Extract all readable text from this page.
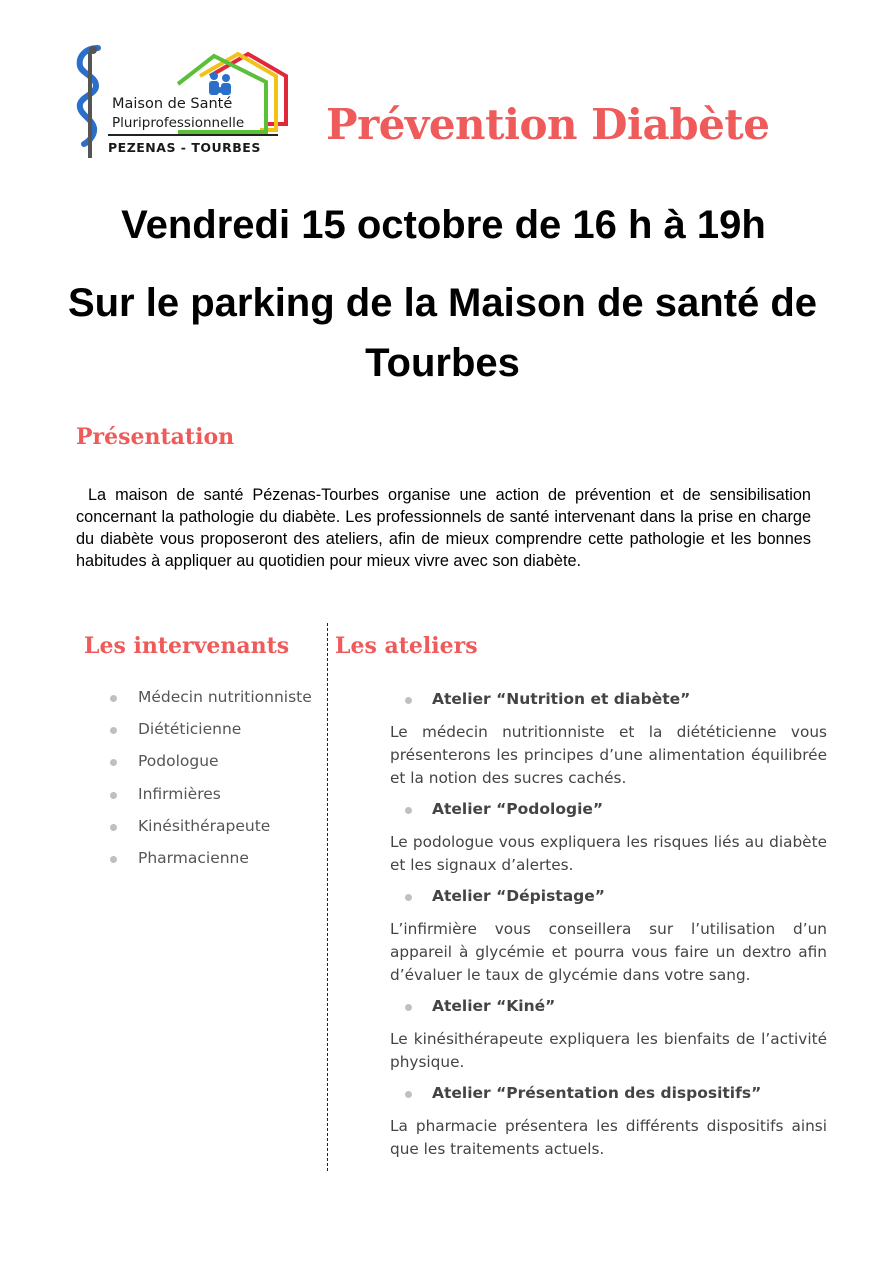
Maison de Santé
Pluriprofessionnelle
PEZENAS - TOURBES Prévention Diabète
Vendredi 15 octobre de 16 h à 19h
Sur le parking de la Maison de santé de Tourbes
Présentation

La maison de santé Pézenas-Tourbes organise une action de prévention et de sensibilisation concernant la pathologie du diabète. Les professionnels de santé intervenant dans la prise en charge du diabète vous proposeront des ateliers, afin de mieux comprendre cette pathologie et les bonnes habitudes à appliquer au quotidien pour mieux vivre avec son diabète.

Les intervenants Les ateliers
Médecin nutritionniste
Diététicienne
Podologue
Infirmières
Kinésithérapeute
Pharmacienne
Atelier “Nutrition et diabète”

Le médecin nutritionniste et la diététicienne vous présenterons les principes d’une alimentation équilibrée et la notion des sucres cachés.

Atelier “Podologie”

Le podologue vous expliquera les risques liés au diabète et les signaux d’alertes.

Atelier “Dépistage”

L’infirmière vous conseillera sur l’utilisation d’un appareil à glycémie et pourra vous faire un dextro afin d’évaluer le taux de glycémie dans votre sang.

Atelier “Kiné”

Le kinésithérapeute expliquera les bienfaits de l’activité physique.

Atelier “Présentation des dispositifs”

La pharmacie présentera les différents dispositifs ainsi que les traitements actuels.
